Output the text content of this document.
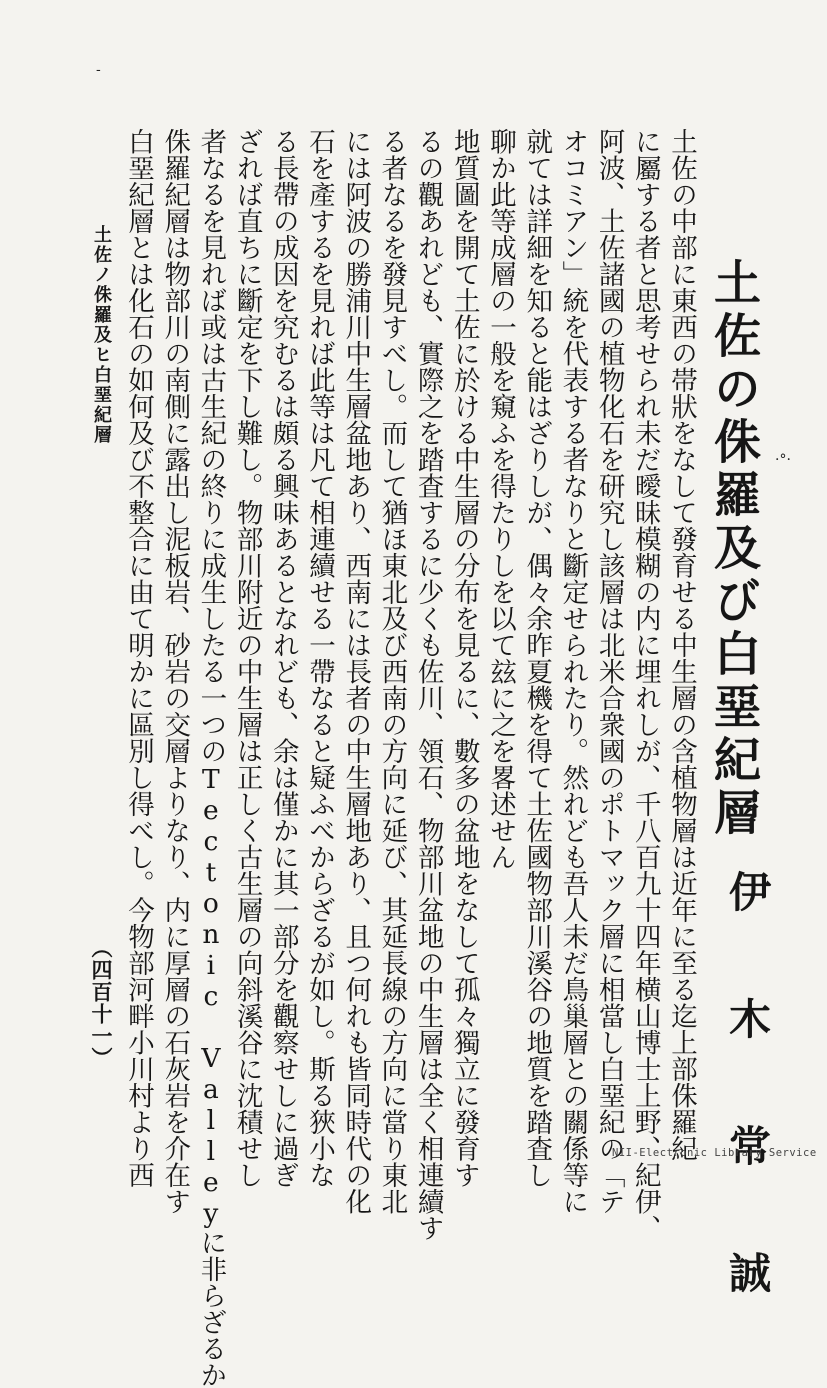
土佐の侏羅及び白堊紀層
伊 木 常 誠
土佐の中部に東西の帯狀をなして發育せる中生層の含植物層は近年に至る迄上部侏羅紀
に屬する者と思考せられ未だ曖昧模糊の内に埋れしが、千八百九十四年横山博士上野、紀伊、
阿波、土佐諸國の植物化石を研究し該層は北米合衆國のポトマック層に相當し白堊紀の「テ
オコミアン」統を代表する者なりと斷定せられたり。然れども吾人未だ鳥巢層との關係等に
就ては詳細を知ると能はざりしが、偶々余昨夏機を得て土佐國物部川溪谷の地質を踏査し
聊か此等成層の一般を窺ふを得たりしを以て玆に之を畧述せん
地質圖を開て土佐に於ける中生層の分布を見るに、數多の盆地をなして孤々獨立に發育す
るの觀あれども、實際之を踏査するに少くも佐川、領石、物部川盆地の中生層は全く相連續す
る者なるを發見すべし。而して猶ほ東北及び西南の方向に延び、其延長線の方向に當り東北
には阿波の勝浦川中生層盆地あり、西南には長者の中生層地あり、且つ何れも皆同時代の化
石を產するを見れば此等は凡て相連續せる一帶なると疑ふべからざるが如し。斯る狹小な
る長帶の成因を究むるは頗る興味あるとなれども、余は僅かに其一部分を觀察せしに過ぎ
ざれば直ちに斷定を下し難し。物部川附近の中生層は正しく古生層の向斜溪谷に沈積せし
者なるを見れば或は古生紀の終りに成生したる一つのTectonic Valleyに非らざるか
侏羅紀層は物部川の南側に露出し泥板岩、砂岩の交層よりなり、内に厚層の石灰岩を介在す
白堊紀層とは化石の如何及び不整合に由て明かに區別し得べし。今物部河畔小川村より西
土佐ノ侏羅及ヒ白堊紀層
（四百十一）
NII-Electronic Library Service
-
·°·
